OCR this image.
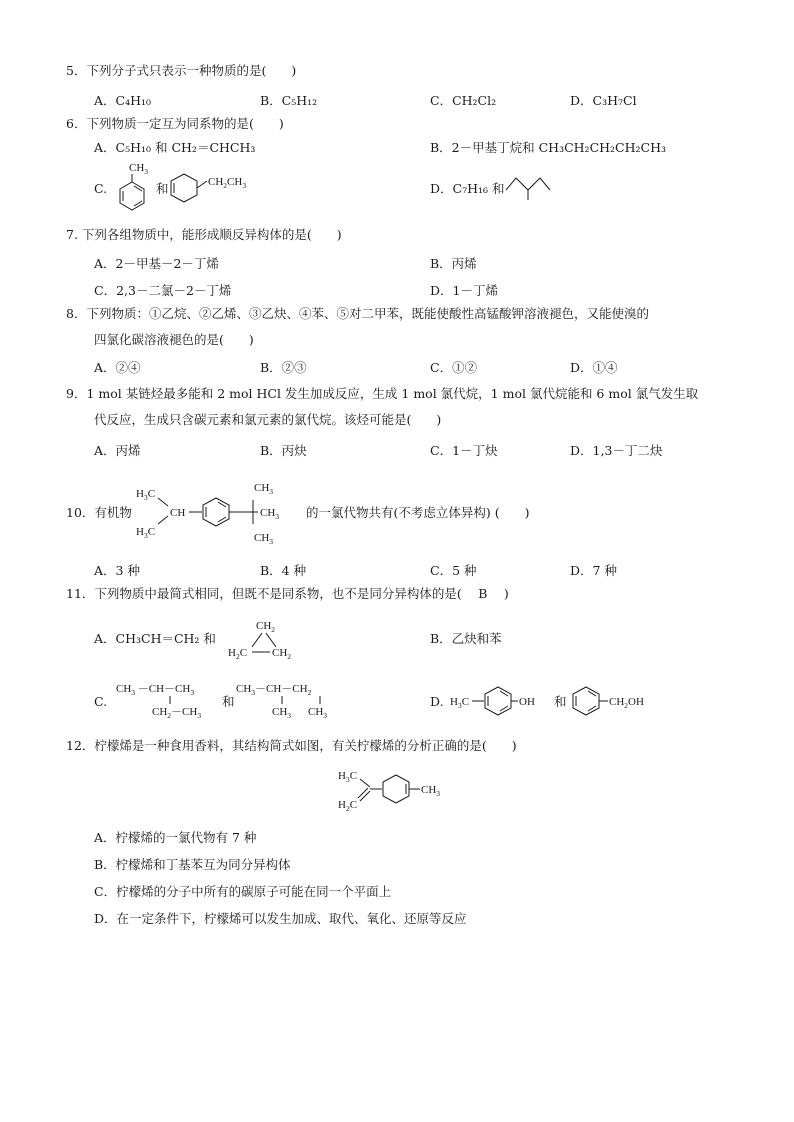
5．下列分子式只表示一种物质的是(　　)
A．C₄H₁₀	B．C₅H₁₂	C．CH₂Cl₂	D．C₃H₇Cl
6．下列物质一定互为同系物的是(　　)
A．C₅H₁₀ 和 CH₂＝CHCH₃	B．2－甲基丁烷和 CH₃CH₂CH₂CH₂CH₃
C.
$CH_3$
和	$CH_2CH_3$	D．C₇H₁₆ 和
7. 下列各组物质中，能形成顺反异构体的是(　　)
A．2－甲基－2－丁烯	B．丙烯
C．2,3－二氯－2－丁烯	D．1－丁烯
8．下列物质：①乙烷、②乙烯、③乙炔、④苯、⑤对二甲苯，既能使酸性高锰酸钾溶液褪色，又能使溴的
四氯化碳溶液褪色的是(　　)
A．②④	B．②③	C．①②	D．①④
9．1 mol 某链烃最多能和 2 mol HCl 发生加成反应，生成 1 mol 氯代烷，1 mol 氯代烷能和 6 mol 氯气发生取
代反应，生成只含碳元素和氯元素的氯代烷。该烃可能是(　　)
A．丙烯	B．丙炔	C．1－丁炔	D．1,3－丁二炔
10．有机物
$H_3C$
$H_3C$
CH
$CH_3$
$CH_3$
$CH_3$ 的一氯代物共有(不考虑立体异构) (　　)
A．3 种	B．4 种	C．5 种	D．7 种
11．下列物质中最简式相同，但既不是同系物，也不是同分异构体的是(　 B　 )
A．CH₃CH＝CH₂ 和
$CH_2$
$H_2C$ $CH_2$
B．乙炔和苯
C.
$CH_3 -CH-CH_3$
$CH_2-CH_3$
和
$CH_3-CH-CH_2$
$CH_3$ $CH_3$
D. $H_3C$	OH 和	$CH_2OH$
12．柠檬烯是一种食用香料，其结构简式如图，有关柠檬烯的分析正确的是(　　)
$H_3C$
$H_2C$
$CH_3$
A．柠檬烯的一氯代物有 7 种
B．柠檬烯和丁基苯互为同分异构体
C．柠檬烯的分子中所有的碳原子可能在同一个平面上
D．在一定条件下，柠檬烯可以发生加成、取代、氧化、还原等反应
